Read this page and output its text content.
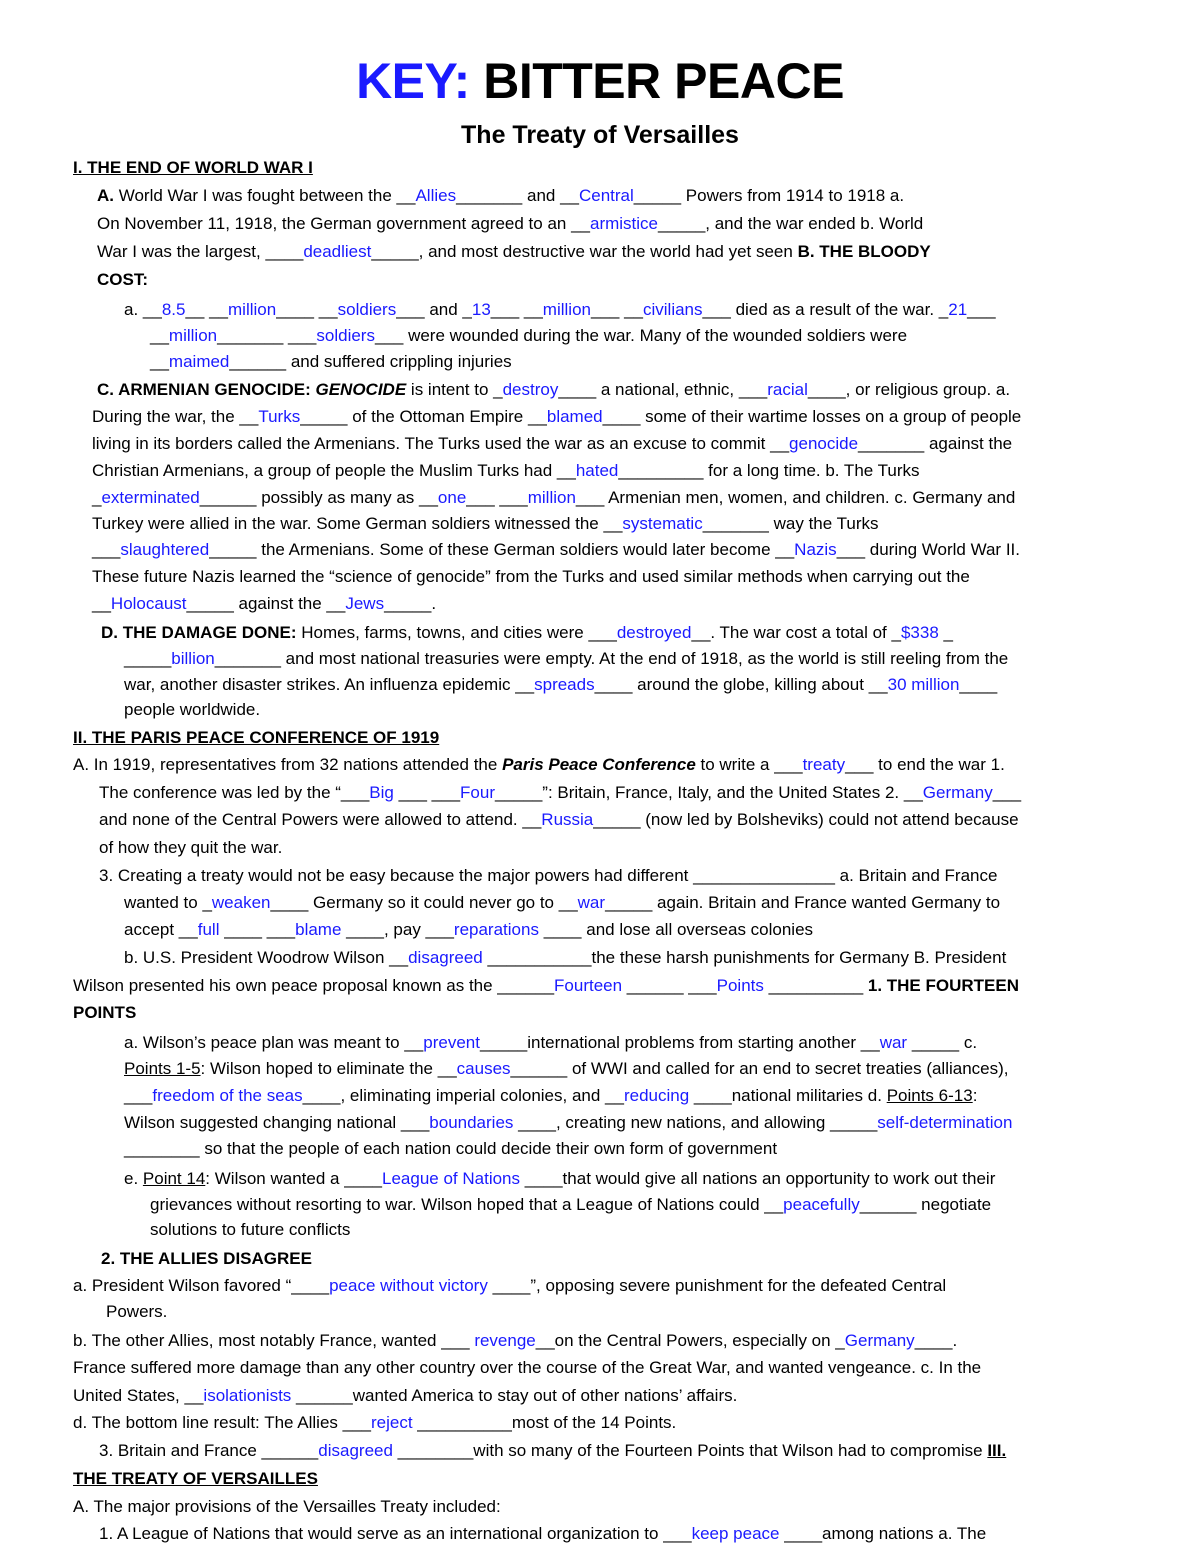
KEY: BITTER PEACE
The Treaty of Versailles
I. THE END OF WORLD WAR I
A. World War I was fought between the __Allies_______ and __Central_____ Powers from 1914 to 1918 a.
On November 11, 1918, the German government agreed to an __armistice_____, and the war ended b. World
War I was the largest, ____deadliest_____, and most destructive war the world had yet seen B. THE BLOODY
COST:
a. __8.5__ __million____ __soldiers___ and _13___ __million___ __civilians___ died as a result of the war. _21___
__million_______ ___soldiers___ were wounded during the war. Many of the wounded soldiers were
__maimed______ and suffered crippling injuries
C. ARMENIAN GENOCIDE: GENOCIDE is intent to _destroy____ a national, ethnic, ___racial____, or religious group. a.
During the war, the __Turks_____ of the Ottoman Empire __blamed____ some of their wartime losses on a group of people
living in its borders called the Armenians. The Turks used the war as an excuse to commit __genocide_______ against the
Christian Armenians, a group of people the Muslim Turks had __hated_________ for a long time. b. The Turks
_exterminated______ possibly as many as __one___ ___million___ Armenian men, women, and children. c. Germany and
Turkey were allied in the war. Some German soldiers witnessed the __systematic_______ way the Turks
___slaughtered_____ the Armenians. Some of these German soldiers would later become __Nazis___ during World War II.
These future Nazis learned the “science of genocide” from the Turks and used similar methods when carrying out the
__Holocaust_____ against the __Jews_____.
D. THE DAMAGE DONE: Homes, farms, towns, and cities were ___destroyed__. The war cost a total of _$338 _
_____billion_______ and most national treasuries were empty. At the end of 1918, as the world is still reeling from the
war, another disaster strikes. An influenza epidemic __spreads____ around the globe, killing about __30 million____
people worldwide.
II. THE PARIS PEACE CONFERENCE OF 1919
A. In 1919, representatives from 32 nations attended the Paris Peace Conference to write a ___treaty___ to end the war 1.
The conference was led by the “___Big ___ ___Four_____”: Britain, France, Italy, and the United States 2. __Germany___
and none of the Central Powers were allowed to attend. __Russia_____ (now led by Bolsheviks) could not attend because
of how they quit the war.
3. Creating a treaty would not be easy because the major powers had different _______________ a. Britain and France
wanted to _weaken____ Germany so it could never go to __war_____ again. Britain and France wanted Germany to
accept __full ____ ___blame ____, pay ___reparations ____ and lose all overseas colonies
b. U.S. President Woodrow Wilson __disagreed ___________the these harsh punishments for Germany B. President
Wilson presented his own peace proposal known as the ______Fourteen ______ ___Points __________ 1. THE FOURTEEN
POINTS
a. Wilson’s peace plan was meant to __prevent_____international problems from starting another __war _____ c.
Points 1-5: Wilson hoped to eliminate the __causes______ of WWI and called for an end to secret treaties (alliances),
___freedom of the seas____, eliminating imperial colonies, and __reducing ____national militaries d. Points 6-13:
Wilson suggested changing national ___boundaries ____, creating new nations, and allowing _____self-determination
________ so that the people of each nation could decide their own form of government
e. Point 14: Wilson wanted a ____League of Nations ____that would give all nations an opportunity to work out their
grievances without resorting to war. Wilson hoped that a League of Nations could __peacefully______ negotiate
solutions to future conflicts
2. THE ALLIES DISAGREE
a. President Wilson favored “____peace without victory ____”, opposing severe punishment for the defeated Central
Powers.
b. The other Allies, most notably France, wanted ___ revenge__on the Central Powers, especially on _Germany____.
France suffered more damage than any other country over the course of the Great War, and wanted vengeance. c. In the
United States, __isolationists ______wanted America to stay out of other nations’ affairs.
d. The bottom line result: The Allies ___reject __________most of the 14 Points.
3. Britain and France ______disagreed ________with so many of the Fourteen Points that Wilson had to compromise III.
THE TREATY OF VERSAILLES
A. The major provisions of the Versailles Treaty included:
1. A League of Nations that would serve as an international organization to ___keep peace ____among nations a. The
